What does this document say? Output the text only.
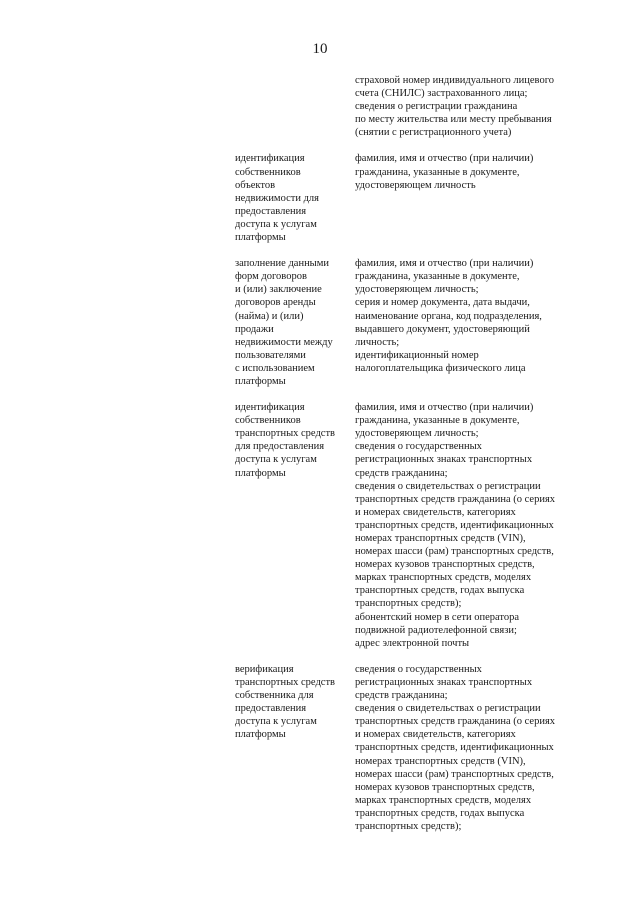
10
страховой номер индивидуального лицевого
счета (СНИЛС) застрахованного лица;
сведения о регистрации гражданина
по месту жительства или месту пребывания
(снятии с регистрационного учета)
идентификация
собственников
объектов
недвижимости для
предоставления
доступа к услугам
платформы
фамилия, имя и отчество (при наличии)
гражданина, указанные в документе,
удостоверяющем личность
заполнение данными
форм договоров
и (или) заключение
договоров аренды
(найма) и (или)
продажи
недвижимости между
пользователями
с использованием
платформы
фамилия, имя и отчество (при наличии)
гражданина, указанные в документе,
удостоверяющем личность;
серия и номер документа, дата выдачи,
наименование органа, код подразделения,
выдавшего документ, удостоверяющий
личность;
идентификационный номер
налогоплательщика физического лица
идентификация
собственников
транспортных средств
для предоставления
доступа к услугам
платформы
фамилия, имя и отчество (при наличии)
гражданина, указанные в документе,
удостоверяющем личность;
сведения о государственных
регистрационных знаках транспортных
средств гражданина;
сведения о свидетельствах о регистрации
транспортных средств гражданина (о сериях
и номерах свидетельств, категориях
транспортных средств, идентификационных
номерах транспортных средств (VIN),
номерах шасси (рам) транспортных средств,
номерах кузовов транспортных средств,
марках транспортных средств, моделях
транспортных средств, годах выпуска
транспортных средств);
абонентский номер в сети оператора
подвижной радиотелефонной связи;
адрес электронной почты
верификация
транспортных средств
собственника для
предоставления
доступа к услугам
платформы
сведения о государственных
регистрационных знаках транспортных
средств гражданина;
сведения о свидетельствах о регистрации
транспортных средств гражданина (о сериях
и номерах свидетельств, категориях
транспортных средств, идентификационных
номерах транспортных средств (VIN),
номерах шасси (рам) транспортных средств,
номерах кузовов транспортных средств,
марках транспортных средств, моделях
транспортных средств, годах выпуска
транспортных средств);
